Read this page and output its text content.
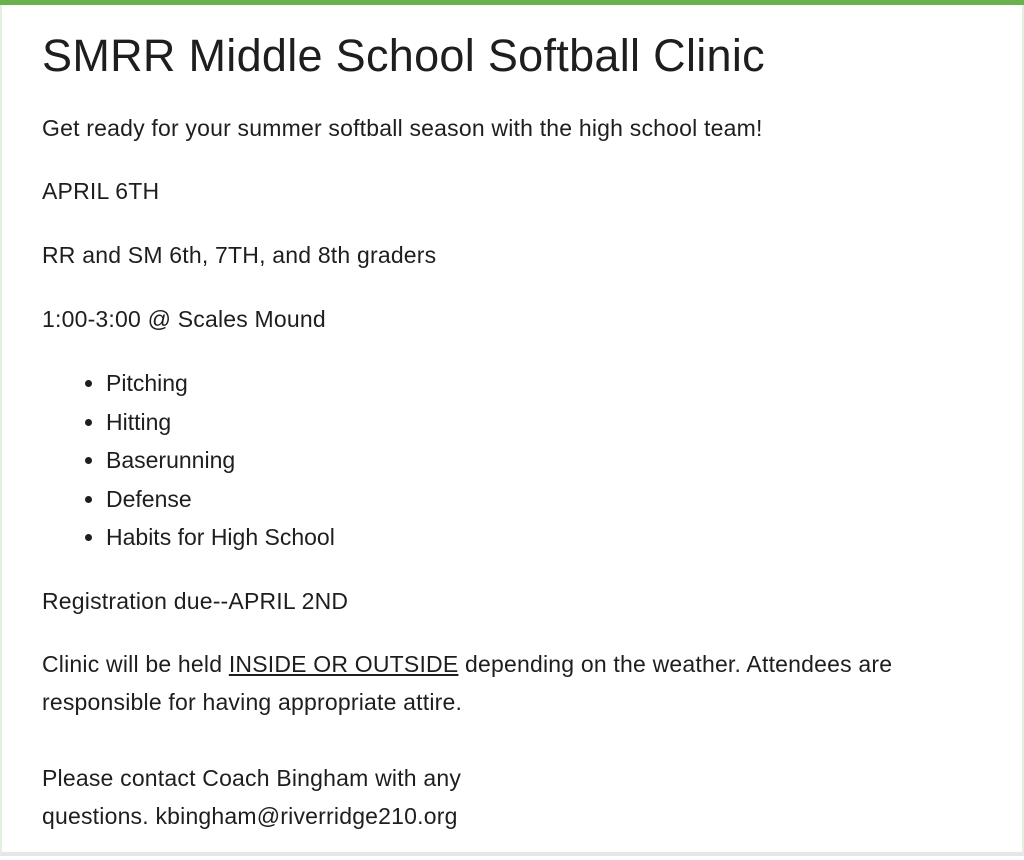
SMRR Middle School Softball Clinic

Get ready for your summer softball season with the high school team!

APRIL 6TH

RR and SM 6th, 7TH, and 8th graders

1:00-3:00 @ Scales Mound

• Pitching
• Hitting
• Baserunning
• Defense
• Habits for High School

Registration due--APRIL 2ND

Clinic will be held INSIDE OR OUTSIDE depending on the weather. Attendees are

responsible for having appropriate attire.

Please contact Coach Bingham with any

questions. kbingham@riverridge210.org
